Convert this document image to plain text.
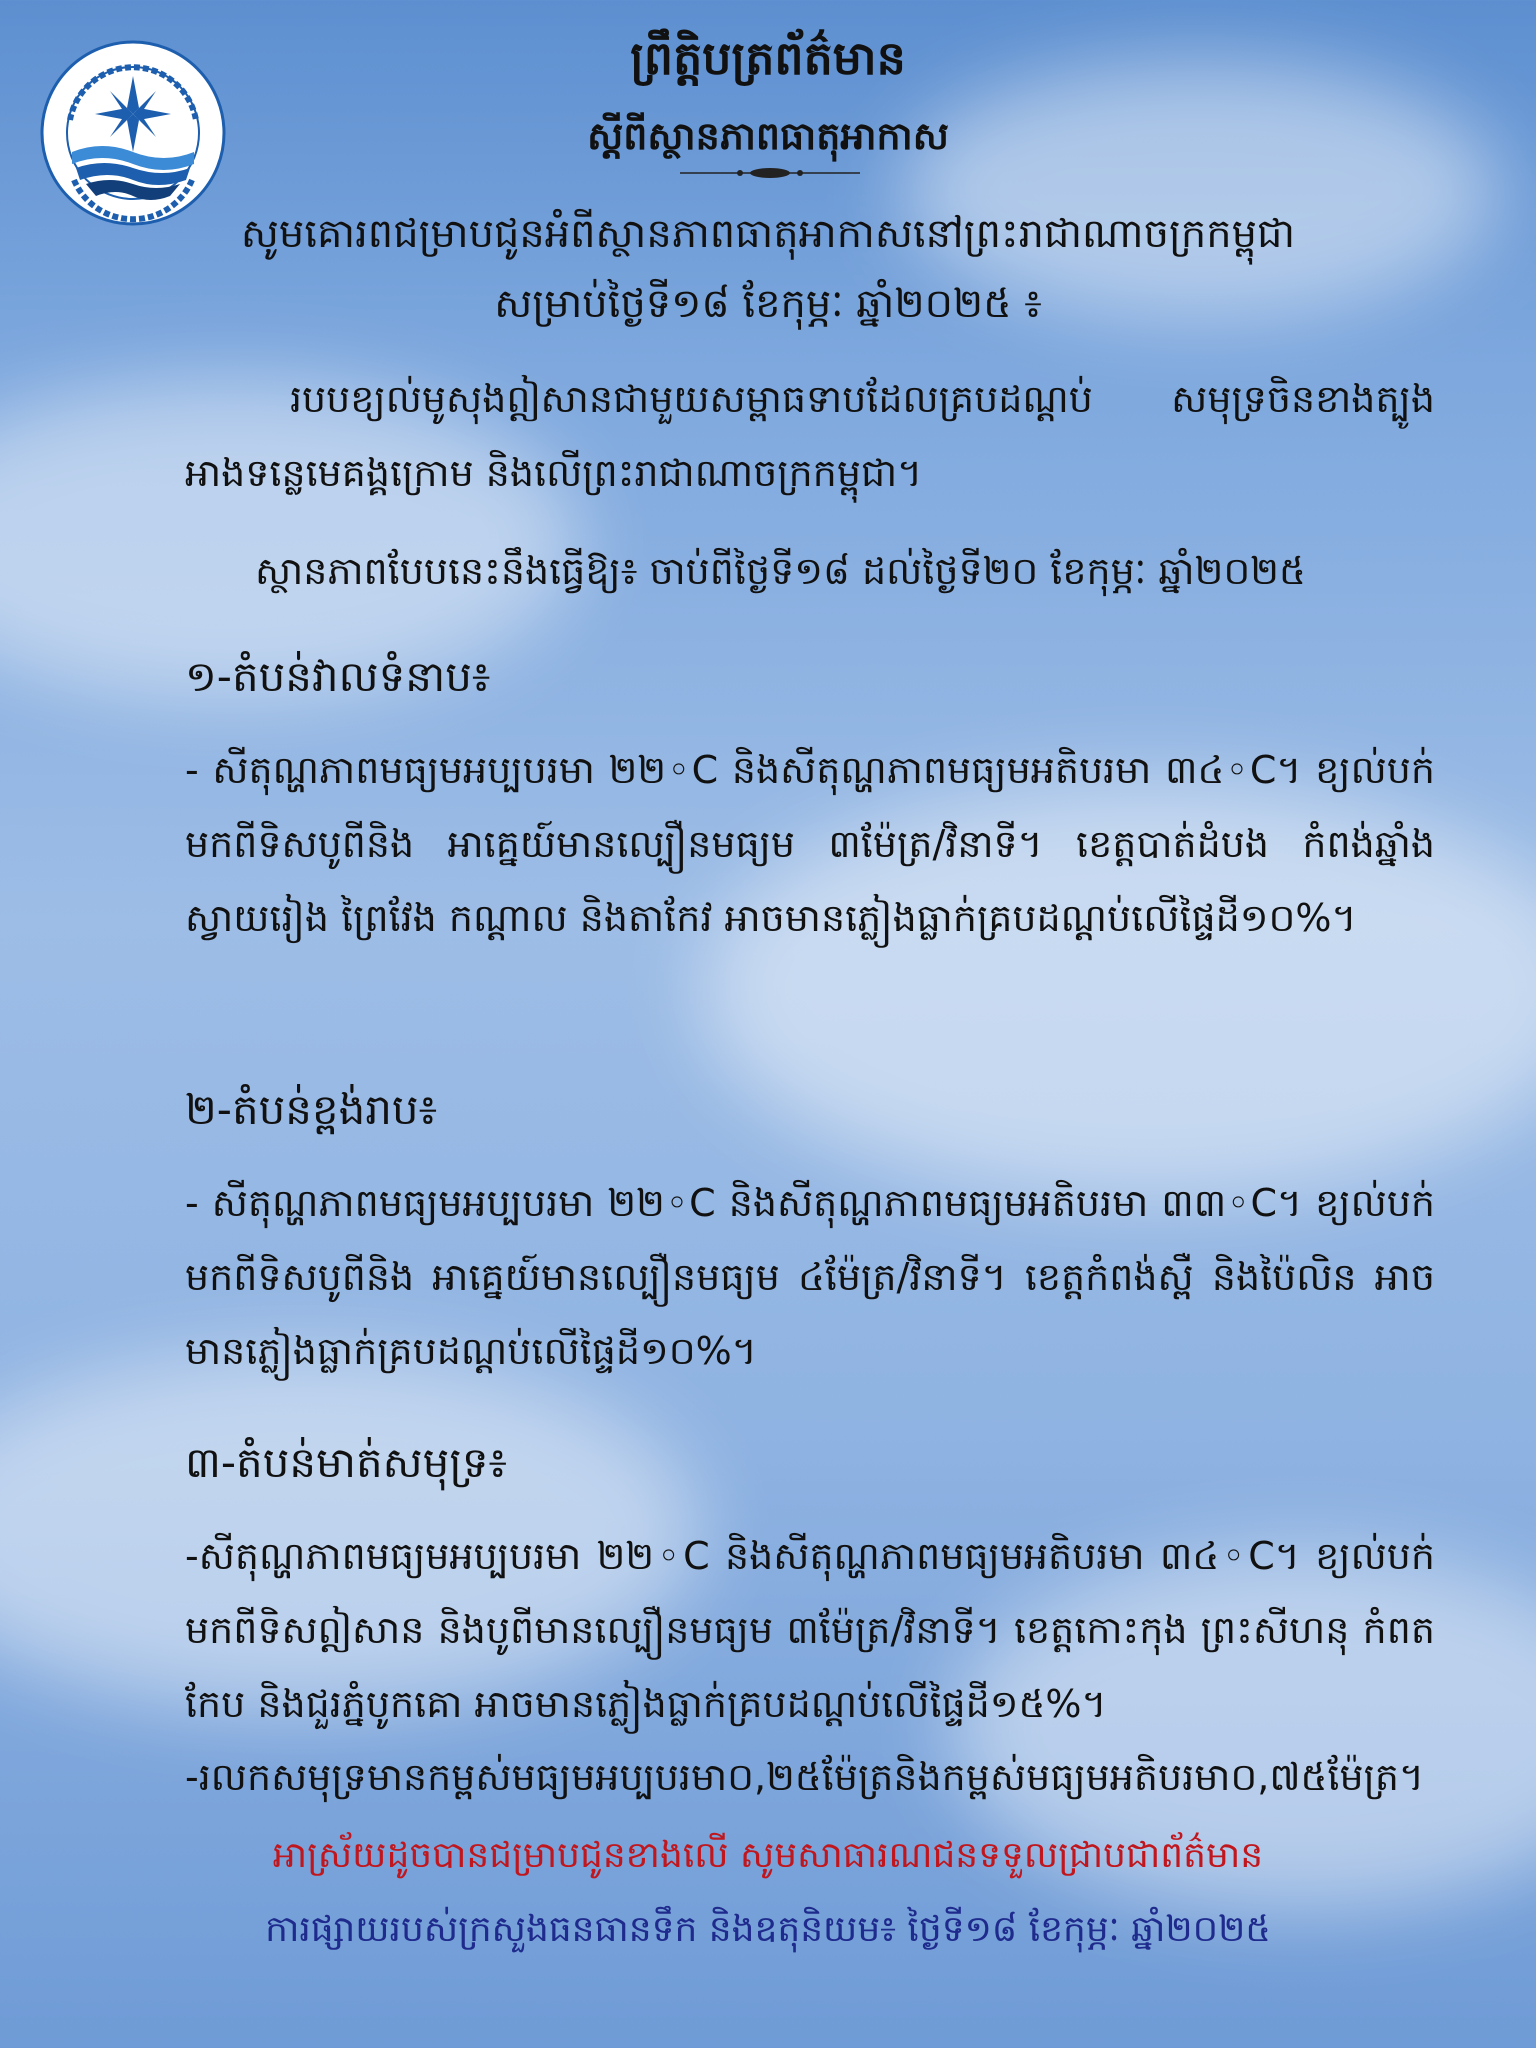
ព្រឹត្តិបត្រព័ត៌មាន
ស្តីពីស្ថានភាពធាតុអាកាស
សូមគោរពជម្រាបជូនអំពីស្ថានភាពធាតុអាកាសនៅព្រះរាជាណាចក្រកម្ពុជា
សម្រាប់ថ្ងៃទី១៨ ខែកុម្ភៈ ឆ្នាំ២០២៥ ៖
របបខ្យល់មូសុងឦសានជាមួយសម្ពាធទាបដែលគ្របដណ្តប់ សមុទ្រចិនខាងត្បូង អាងទន្លេមេគង្គក្រោម និងលើព្រះរាជាណាចក្រកម្ពុជា។
ស្ថានភាពបែបនេះនឹងធ្វើឱ្យ៖ ចាប់ពីថ្ងៃទី១៨ ដល់ថ្ងៃទី២០ ខែកុម្ភៈ ឆ្នាំ២០២៥
១-តំបន់វាលទំនាប៖
- សីតុណ្ហភាពមធ្យមអប្បបរមា ២២◦C និងសីតុណ្ហភាពមធ្យមអតិបរមា ៣៤◦C។ ខ្យល់បក់មកពីទិសបូពីនិង អាគ្នេយ៍មានល្បឿនមធ្យម ៣ម៉ែត្រ/វិនាទី។ ខេត្តបាត់ដំបង កំពង់ឆ្នាំង ស្វាយរៀង ព្រៃវែង កណ្តាល និងតាកែវ អាចមានភ្លៀងធ្លាក់គ្របដណ្តប់លើផ្ទៃដី១០%។
២-តំបន់ខ្ពង់រាប៖
- សីតុណ្ហភាពមធ្យមអប្បបរមា ២២◦C និងសីតុណ្ហភាពមធ្យមអតិបរមា ៣៣◦C។ ខ្យល់បក់មកពីទិសបូពីនិង អាគ្នេយ៍មានល្បឿនមធ្យម ៤ម៉ែត្រ/វិនាទី។ ខេត្តកំពង់ស្ពឺ និងប៉ៃលិន អាចមានភ្លៀងធ្លាក់គ្របដណ្តប់លើផ្ទៃដី១០%។
៣-តំបន់មាត់សមុទ្រ៖
-សីតុណ្ហភាពមធ្យមអប្បបរមា ២២◦C និងសីតុណ្ហភាពមធ្យមអតិបរមា ៣៤◦C។ ខ្យល់បក់មកពីទិសឦសាន និងបូពីមានល្បឿនមធ្យម ៣ម៉ែត្រ/វិនាទី។ ខេត្តកោះកុង ព្រះសីហនុ កំពត កែប និងជួរភ្នំបូកគោ អាចមានភ្លៀងធ្លាក់គ្របដណ្តប់លើផ្ទៃដី១៥%។
-រលកសមុទ្រមានកម្ពស់មធ្យមអប្បបរមា០,២៥ម៉ែត្រនិងកម្ពស់មធ្យមអតិបរមា០,៧៥ម៉ែត្រ។
អាស្រ័យដូចបានជម្រាបជូនខាងលើ សូមសាធារណជនទទួលជ្រាបជាព័ត៌មាន
ការផ្សាយរបស់ក្រសួងធនធានទឹក និងឧតុនិយម៖ ថ្ងៃទី១៨ ខែកុម្ភៈ ឆ្នាំ២០២៥
